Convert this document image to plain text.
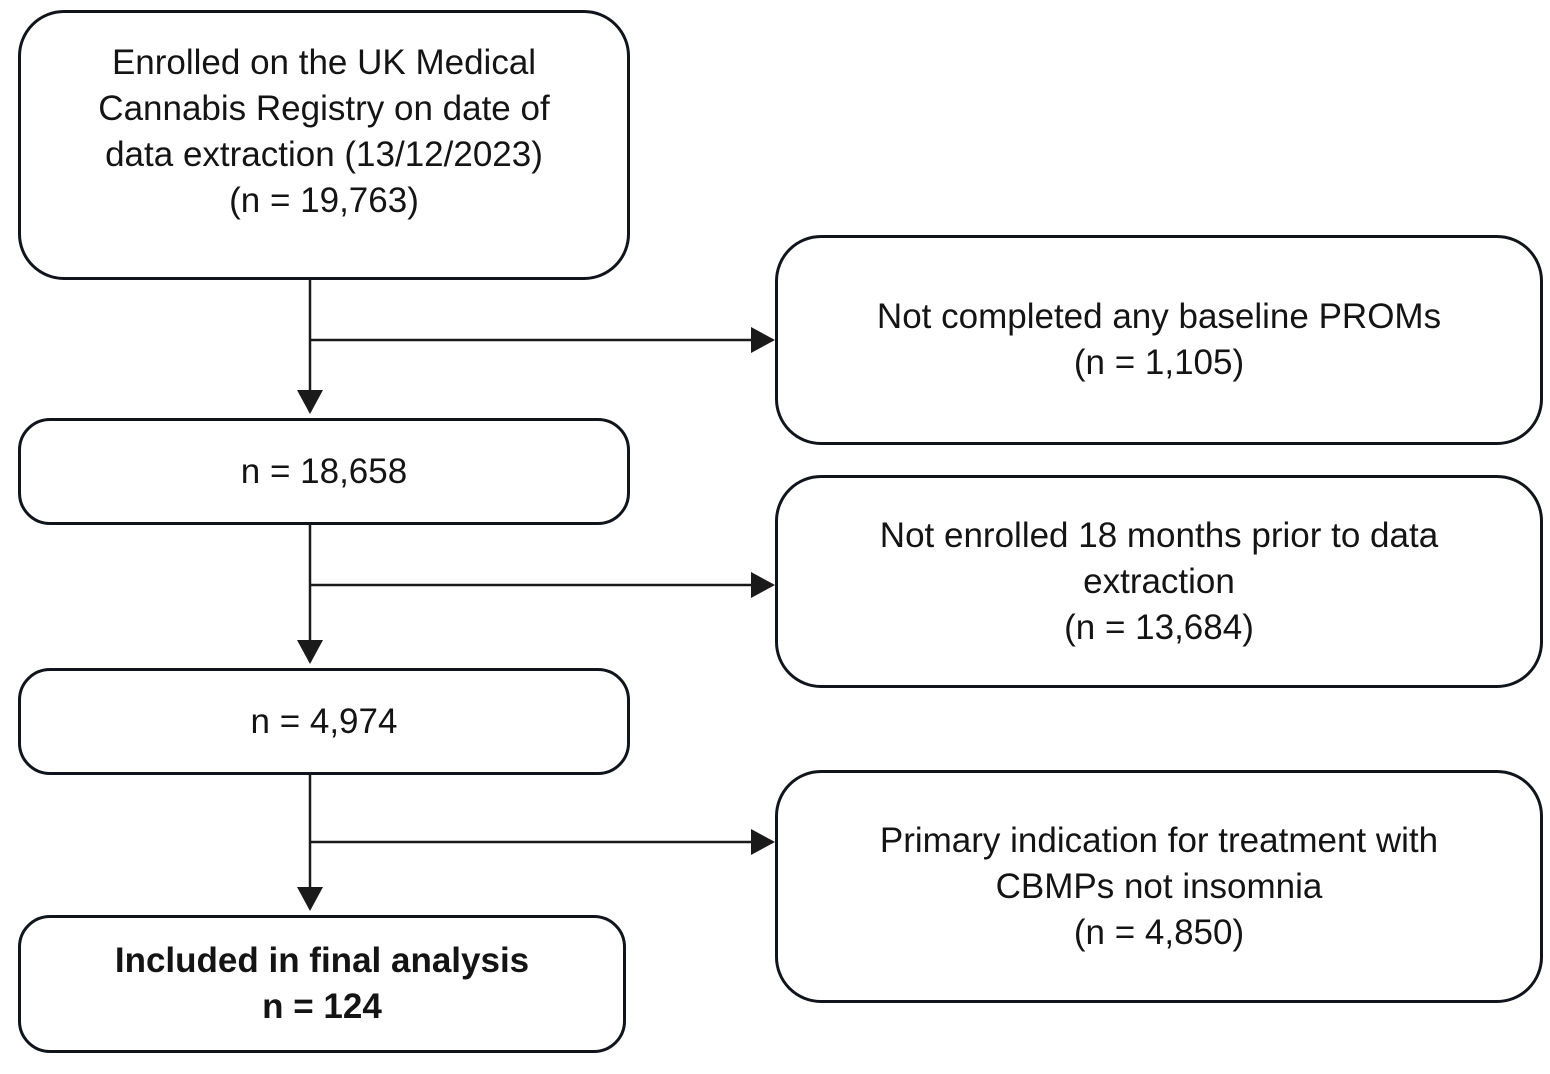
Enrolled on the UK Medical
Cannabis Registry on date of
data extraction (13/12/2023)
(n = 19,763)
n = 18,658
n = 4,974
Included in final analysis
n = 124
Not completed any baseline PROMs
(n = 1,105)
Not enrolled 18 months prior to data
extraction
(n = 13,684)
Primary indication for treatment with
CBMPs not insomnia
(n = 4,850)
